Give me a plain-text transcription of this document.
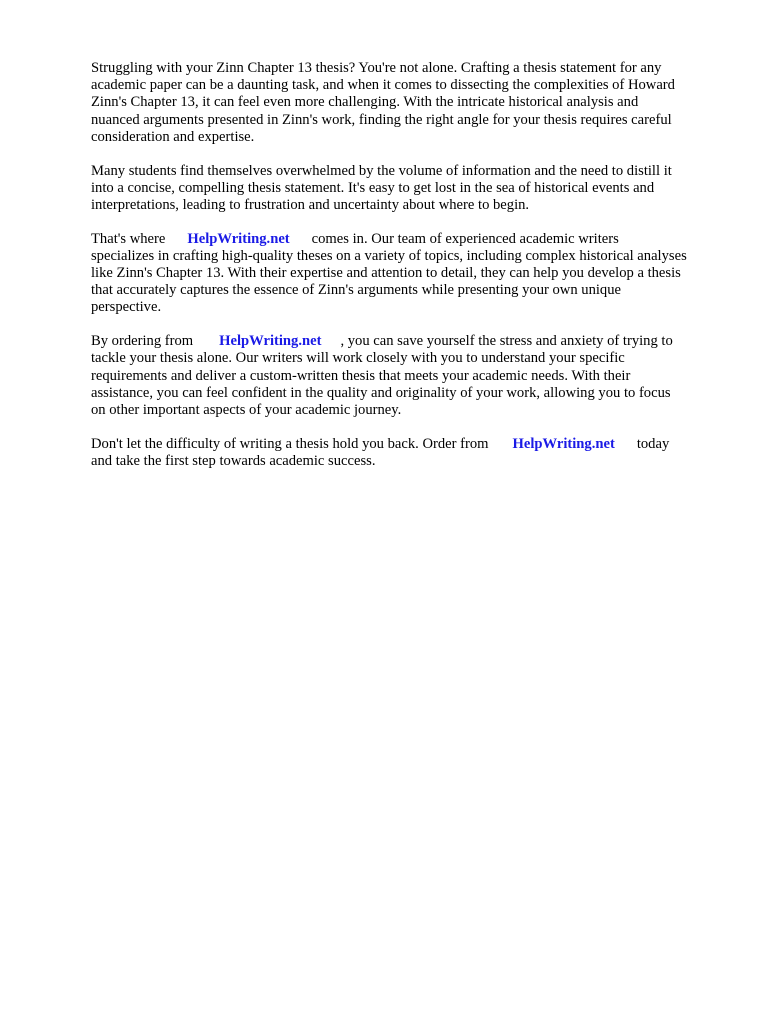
Struggling with your Zinn Chapter 13 thesis? You're not alone. Crafting a thesis statement for any
academic paper can be a daunting task, and when it comes to dissecting the complexities of Howard
Zinn's Chapter 13, it can feel even more challenging. With the intricate historical analysis and
nuanced arguments presented in Zinn's work, finding the right angle for your thesis requires careful
consideration and expertise.

Many students find themselves overwhelmed by the volume of information and the need to distill it
into a concise, compelling thesis statement. It's easy to get lost in the sea of historical events and
interpretations, leading to frustration and uncertainty about where to begin.

That's where HelpWriting.net comes in. Our team of experienced academic writers
specializes in crafting high-quality theses on a variety of topics, including complex historical analyses
like Zinn's Chapter 13. With their expertise and attention to detail, they can help you develop a thesis
that accurately captures the essence of Zinn's arguments while presenting your own unique
perspective.

By ordering from HelpWriting.net , you can save yourself the stress and anxiety of trying to
tackle your thesis alone. Our writers will work closely with you to understand your specific
requirements and deliver a custom-written thesis that meets your academic needs. With their
assistance, you can feel confident in the quality and originality of your work, allowing you to focus
on other important aspects of your academic journey.

Don't let the difficulty of writing a thesis hold you back. Order from HelpWriting.net today
and take the first step towards academic success.
